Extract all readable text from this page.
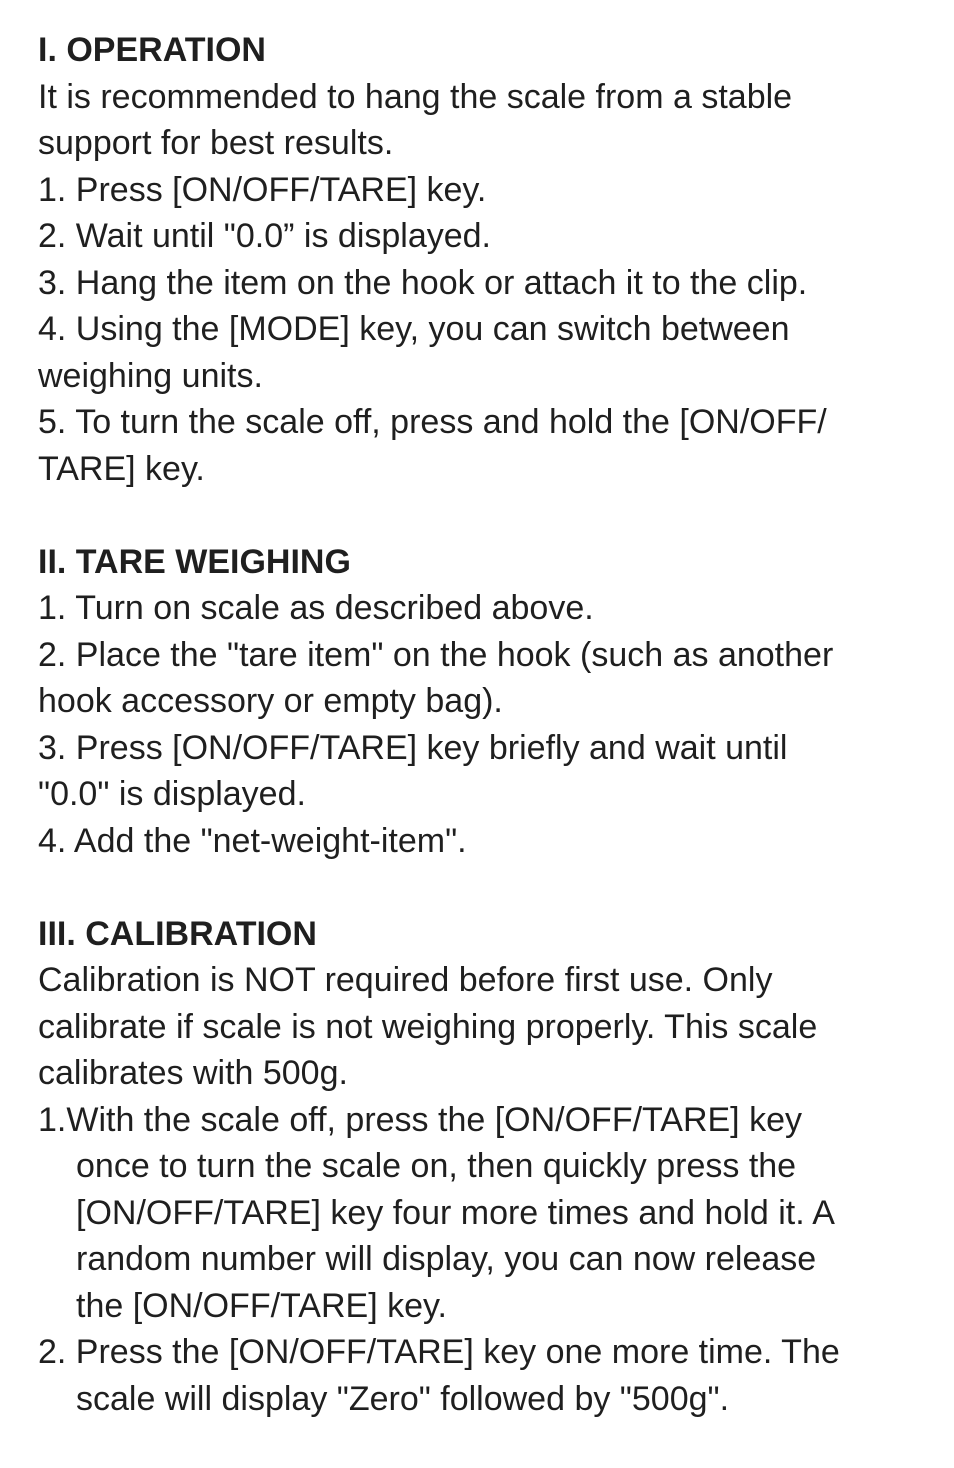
I. OPERATION

It is recommended to hang the scale from a stable

support for best results.

1. Press [ON/OFF/TARE] key.

2. Wait until "0.0” is displayed.

3. Hang the item on the hook or attach it to the clip.

4. Using the [MODE] key, you can switch between

weighing units.

5. To turn the scale off, press and hold the [ON/OFF/

TARE] key.

II. TARE WEIGHING

1. Turn on scale as described above.

2. Place the "tare item" on the hook (such as another

hook accessory or empty bag).

3. Press [ON/OFF/TARE] key briefly and wait until

"0.0" is displayed.

4. Add the "net-weight-item".

III. CALIBRATION

Calibration is NOT required before first use. Only

calibrate if scale is not weighing properly. This scale

calibrates with 500g.

1.With the scale off, press the [ON/OFF/TARE] key

once to turn the scale on, then quickly press the

[ON/OFF/TARE] key four more times and hold it. A

random number will display, you can now release

the [ON/OFF/TARE] key.

2. Press the [ON/OFF/TARE] key one more time. The

scale will display "Zero" followed by "500g".
